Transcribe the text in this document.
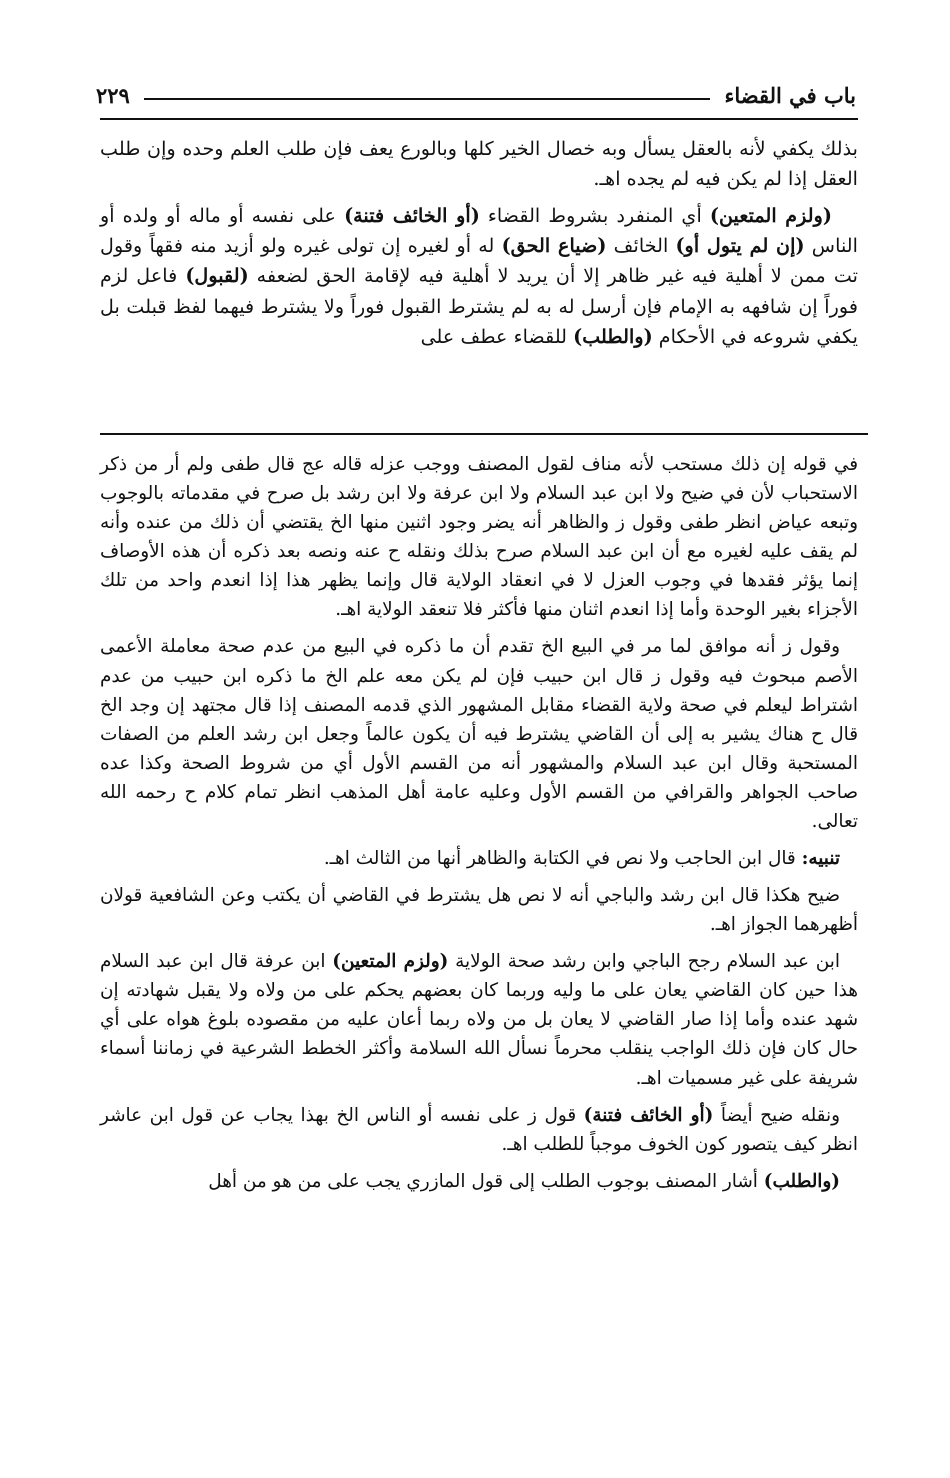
باب في القضاء
٢٢٩

بذلك يكفي لأنه بالعقل يسأل وبه خصال الخير كلها وبالورع يعف فإن طلب العلم وحده وإن طلب العقل إذا لم يكن فيه لم يجده اهـ.

(ولزم المتعين) أي المنفرد بشروط القضاء (أو الخائف فتنة) على نفسه أو ماله أو ولده أو الناس (إن لم يتول أو) الخائف (ضياع الحق) له أو لغيره إن تولى غيره ولو أزيد منه فقهاً وقول تت ممن لا أهلية فيه غير ظاهر إلا أن يريد لا أهلية فيه لإقامة الحق لضعفه (لقبول) فاعل لزم فوراً إن شافهه به الإمام فإن أرسل له به لم يشترط القبول فوراً ولا يشترط فيهما لفظ قبلت بل يكفي شروعه في الأحكام (والطلب) للقضاء عطف على

في قوله إن ذلك مستحب لأنه مناف لقول المصنف ووجب عزله قاله عج قال طفى ولم أر من ذكر الاستحباب لأن في ضيح ولا ابن عبد السلام ولا ابن عرفة ولا ابن رشد بل صرح في مقدماته بالوجوب وتبعه عياض انظر طفى وقول ز والظاهر أنه يضر وجود اثنين منها الخ يقتضي أن ذلك من عنده وأنه لم يقف عليه لغيره مع أن ابن عبد السلام صرح بذلك ونقله ح عنه ونصه بعد ذكره أن هذه الأوصاف إنما يؤثر فقدها في وجوب العزل لا في انعقاد الولاية قال وإنما يظهر هذا إذا انعدم واحد من تلك الأجزاء بغير الوحدة وأما إذا انعدم اثنان منها فأكثر فلا تنعقد الولاية اهـ.

وقول ز أنه موافق لما مر في البيع الخ تقدم أن ما ذكره في البيع من عدم صحة معاملة الأعمى الأصم مبحوث فيه وقول ز قال ابن حبيب فإن لم يكن معه علم الخ ما ذكره ابن حبيب من عدم اشتراط ليعلم في صحة ولاية القضاء مقابل المشهور الذي قدمه المصنف إذا قال مجتهد إن وجد الخ قال ح هناك يشير به إلى أن القاضي يشترط فيه أن يكون عالماً وجعل ابن رشد العلم من الصفات المستحبة وقال ابن عبد السلام والمشهور أنه من القسم الأول أي من شروط الصحة وكذا عده صاحب الجواهر والقرافي من القسم الأول وعليه عامة أهل المذهب انظر تمام كلام ح رحمه الله تعالى.

تنبيه: قال ابن الحاجب ولا نص في الكتابة والظاهر أنها من الثالث اهـ.

ضيح هكذا قال ابن رشد والباجي أنه لا نص هل يشترط في القاضي أن يكتب وعن الشافعية قولان أظهرهما الجواز اهـ.

ابن عبد السلام رجح الباجي وابن رشد صحة الولاية (ولزم المتعين) ابن عرفة قال ابن عبد السلام هذا حين كان القاضي يعان على ما وليه وربما كان بعضهم يحكم على من ولاه ولا يقبل شهادته إن شهد عنده وأما إذا صار القاضي لا يعان بل من ولاه ربما أعان عليه من مقصوده بلوغ هواه على أي حال كان فإن ذلك الواجب ينقلب محرماً نسأل الله السلامة وأكثر الخطط الشرعية في زماننا أسماء شريفة على غير مسميات اهـ.

ونقله ضيح أيضاً (أو الخائف فتنة) قول ز على نفسه أو الناس الخ بهذا يجاب عن قول ابن عاشر انظر كيف يتصور كون الخوف موجباً للطلب اهـ.

(والطلب) أشار المصنف بوجوب الطلب إلى قول المازري يجب على من هو من أهل
